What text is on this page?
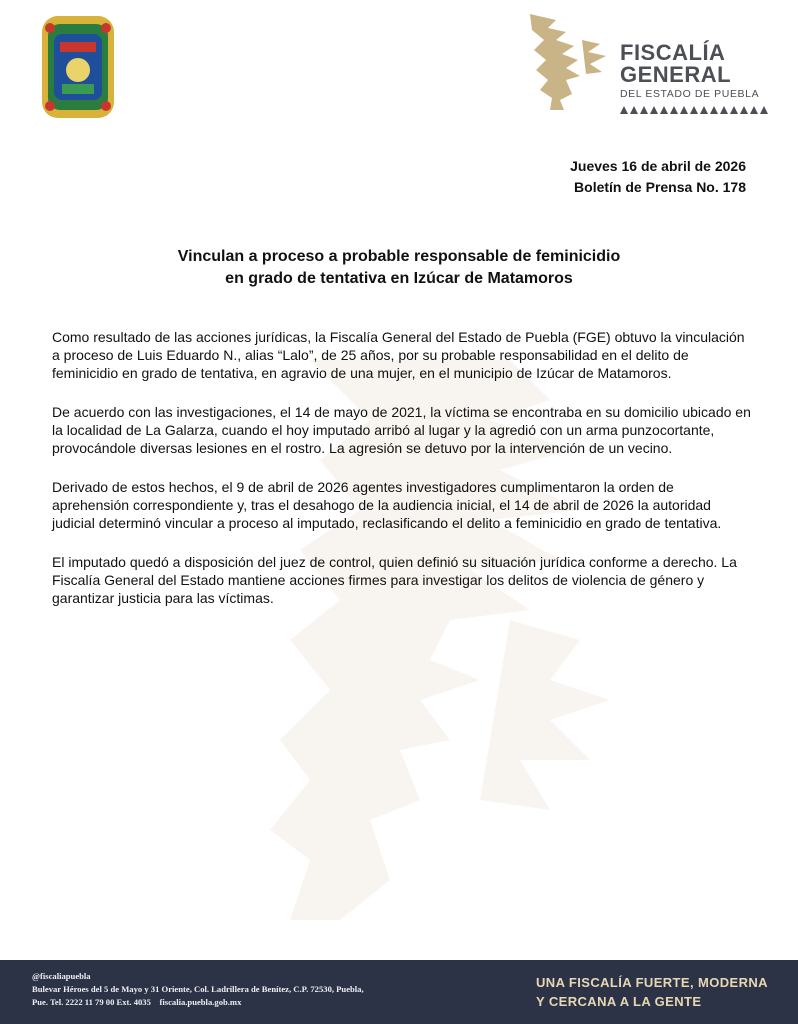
FISCALÍA
GENERAL
DEL ESTADO DE PUEBLA
Jueves 16 de abril de 2026
Boletín de Prensa No. 178
Vinculan a proceso a probable responsable de feminicidio
en grado de tentativa en Izúcar de Matamoros

Como resultado de las acciones jurídicas, la Fiscalía General del Estado de Puebla (FGE) obtuvo la vinculación a proceso de Luis Eduardo N., alias “Lalo”, de 25 años, por su probable responsabilidad en el delito de feminicidio en grado de tentativa, en agravio de una mujer, en el municipio de Izúcar de Matamoros.

De acuerdo con las investigaciones, el 14 de mayo de 2021, la víctima se encontraba en su domicilio ubicado en la localidad de La Galarza, cuando el hoy imputado arribó al lugar y la agredió con un arma punzocortante, provocándole diversas lesiones en el rostro. La agresión se detuvo por la intervención de un vecino.

Derivado de estos hechos, el 9 de abril de 2026 agentes investigadores cumplimentaron la orden de aprehensión correspondiente y, tras el desahogo de la audiencia inicial, el 14 de abril de 2026 la autoridad judicial determinó vincular a proceso al imputado, reclasificando el delito a feminicidio en grado de tentativa.

El imputado quedó a disposición del juez de control, quien definió su situación jurídica conforme a derecho. La Fiscalía General del Estado mantiene acciones firmes para investigar los delitos de violencia de género y garantizar justicia para las víctimas.

@fiscaliapuebla
Bulevar Héroes del 5 de Mayo y 31 Oriente, Col. Ladrillera de Benítez, C.P. 72530, Puebla,
Pue. Tel. 2222 11 79 00 Ext. 4035    fiscalia.puebla.gob.mx
UNA FISCALÍA FUERTE, MODERNA
Y CERCANA A LA GENTE
